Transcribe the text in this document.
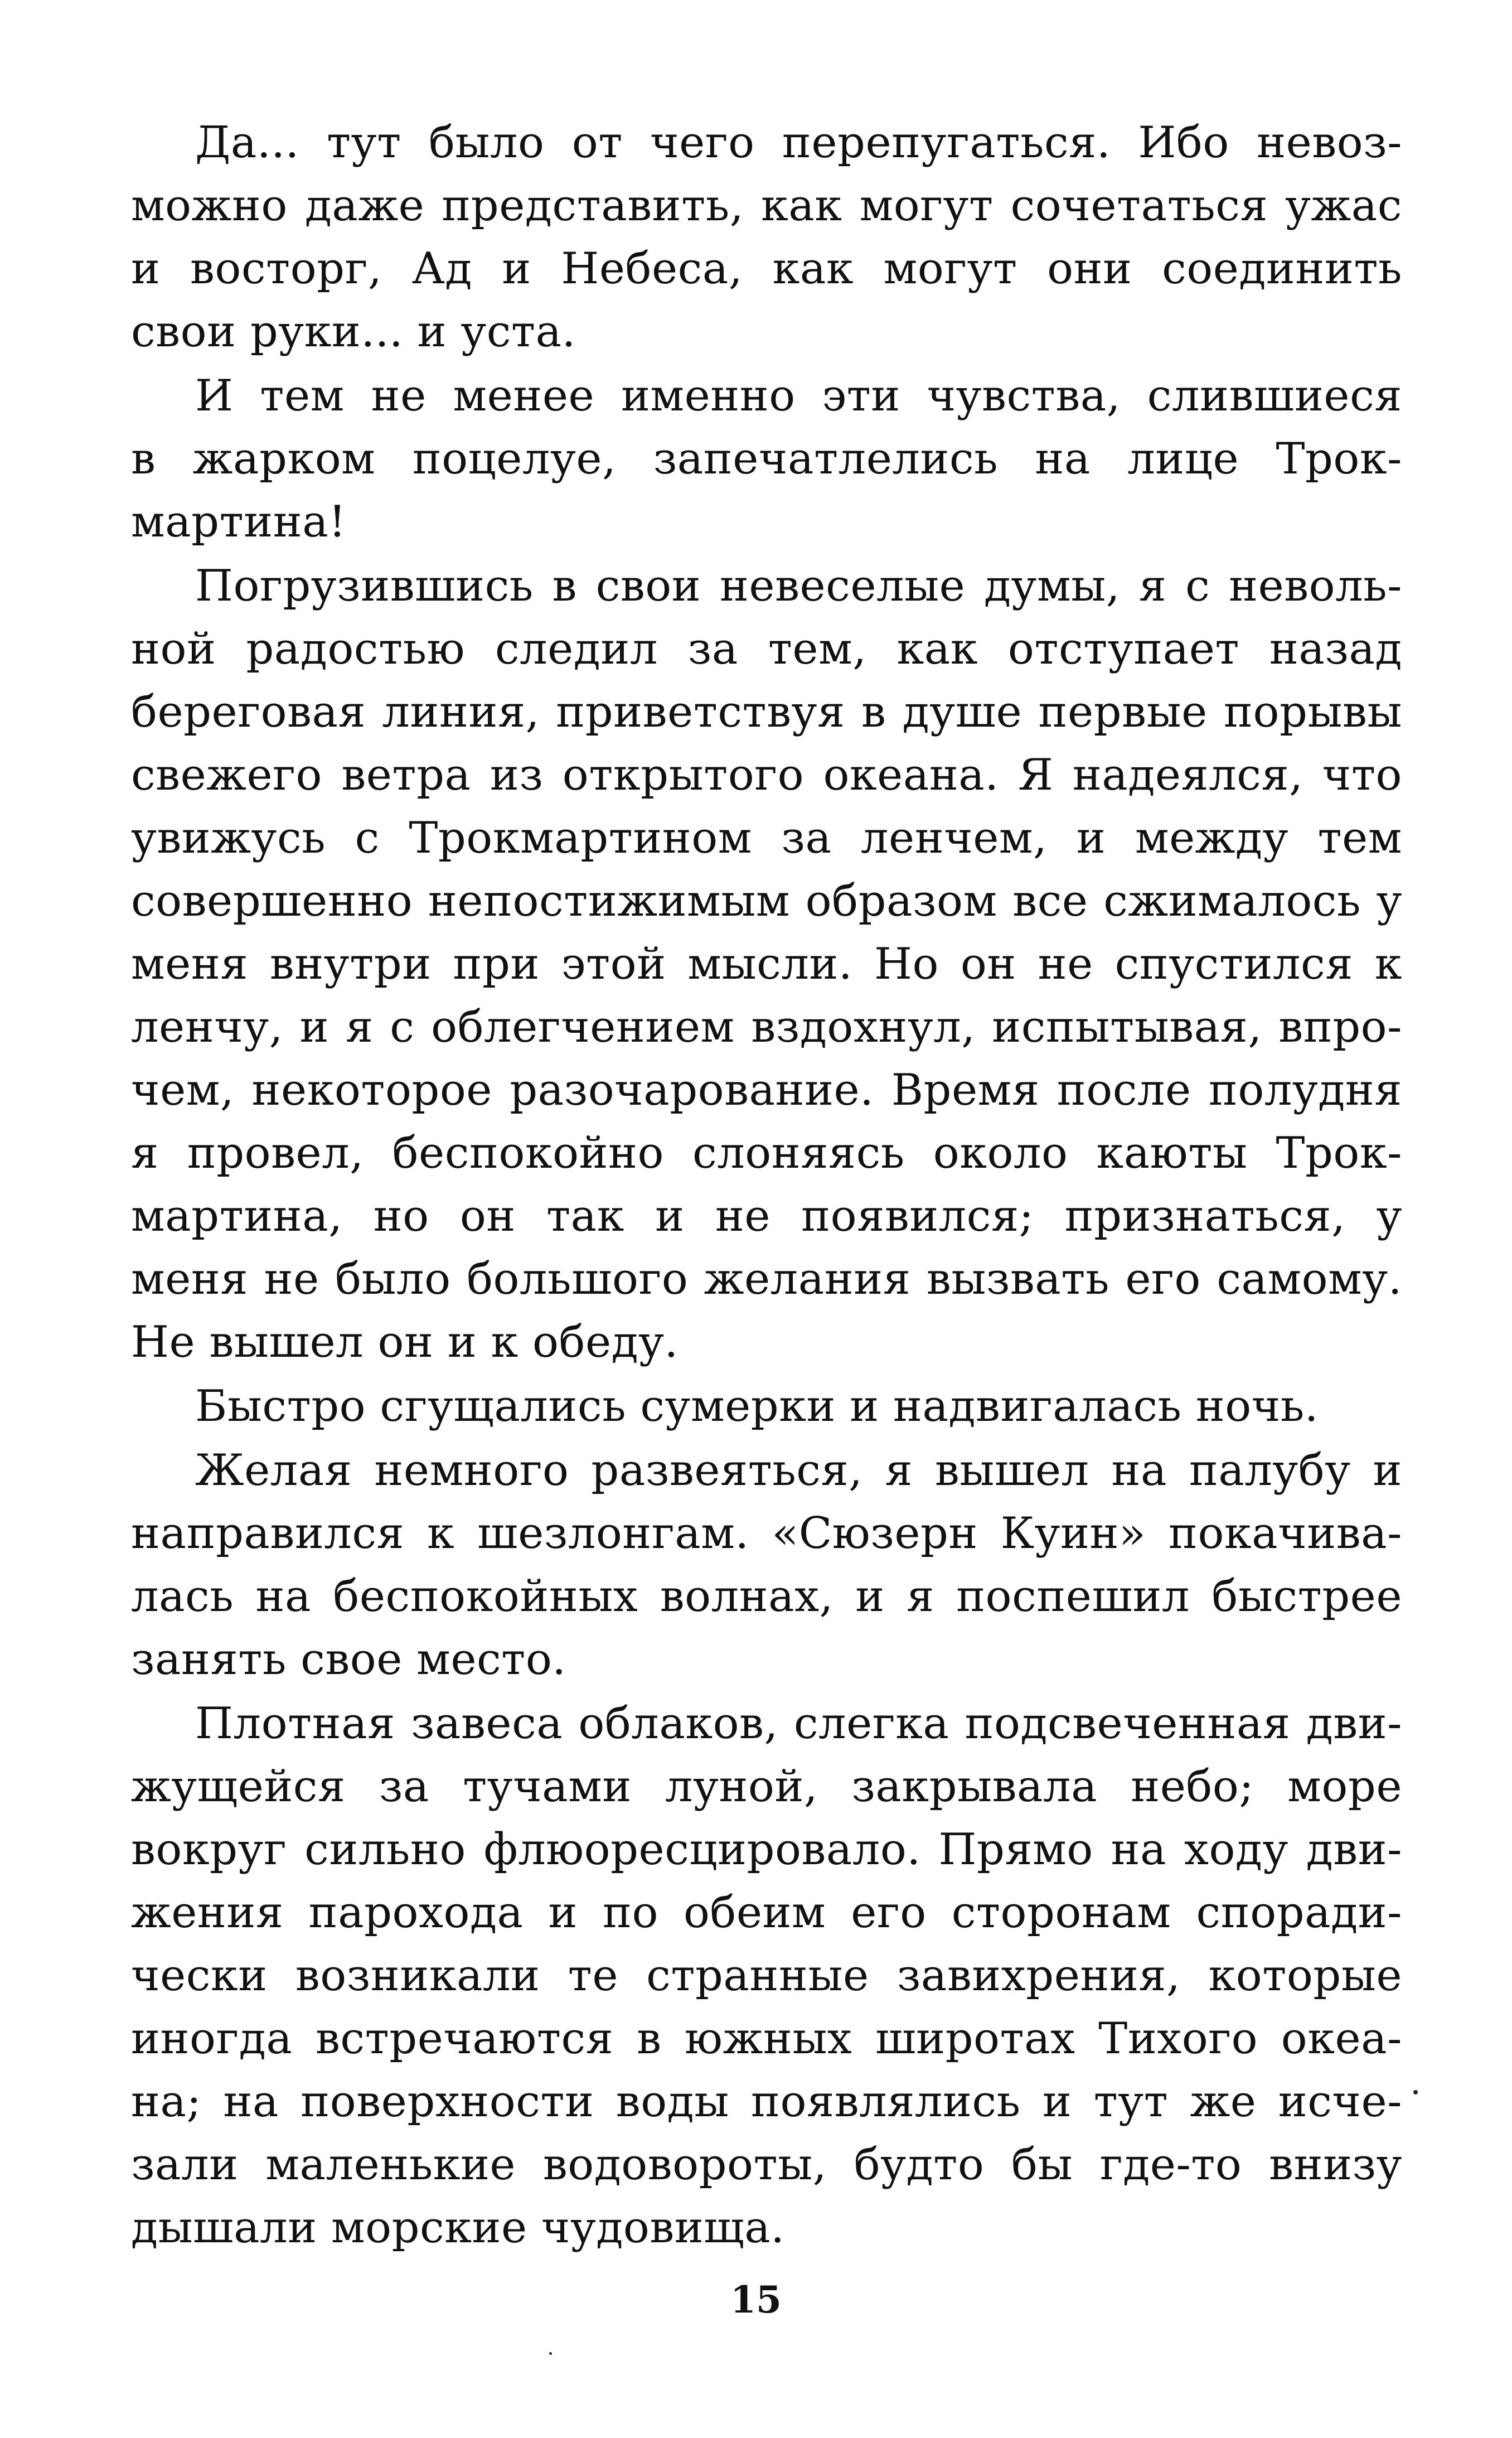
Да... тут было от чего перепугаться. Ибо невоз-
можно даже представить, как могут сочетаться ужас
и восторг, Ад и Небеса, как могут они соединить
свои руки... и уста.
И тем не менее именно эти чувства, слившиеся
в жарком поцелуе, запечатлелись на лице Трок-
мартина!
Погрузившись в свои невеселые думы, я с неволь-
ной радостью следил за тем, как отступает назад
береговая линия, приветствуя в душе первые порывы
свежего ветра из открытого океана. Я надеялся, что
увижусь с Трокмартином за ленчем, и между тем
совершенно непостижимым образом все сжималось у
меня внутри при этой мысли. Но он не спустился к
ленчу, и я с облегчением вздохнул, испытывая, впро-
чем, некоторое разочарование. Время после полудня
я провел, беспокойно слоняясь около каюты Трок-
мартина, но он так и не появился; признаться, у
меня не было большого желания вызвать его самому.
Не вышел он и к обеду.
Быстро сгущались сумерки и надвигалась ночь.
Желая немного развеяться, я вышел на палубу и
направился к шезлонгам. «Сюзерн Куин» покачива-
лась на беспокойных волнах, и я поспешил быстрее
занять свое место.
Плотная завеса облаков, слегка подсвеченная дви-
жущейся за тучами луной, закрывала небо; море
вокруг сильно флюоресцировало. Прямо на ходу дви-
жения парохода и по обеим его сторонам споради-
чески возникали те странные завихрения, которые
иногда встречаются в южных широтах Тихого океа-
на; на поверхности воды появлялись и тут же исче-
зали маленькие водовороты, будто бы где-то внизу
дышали морские чудовища.
15
